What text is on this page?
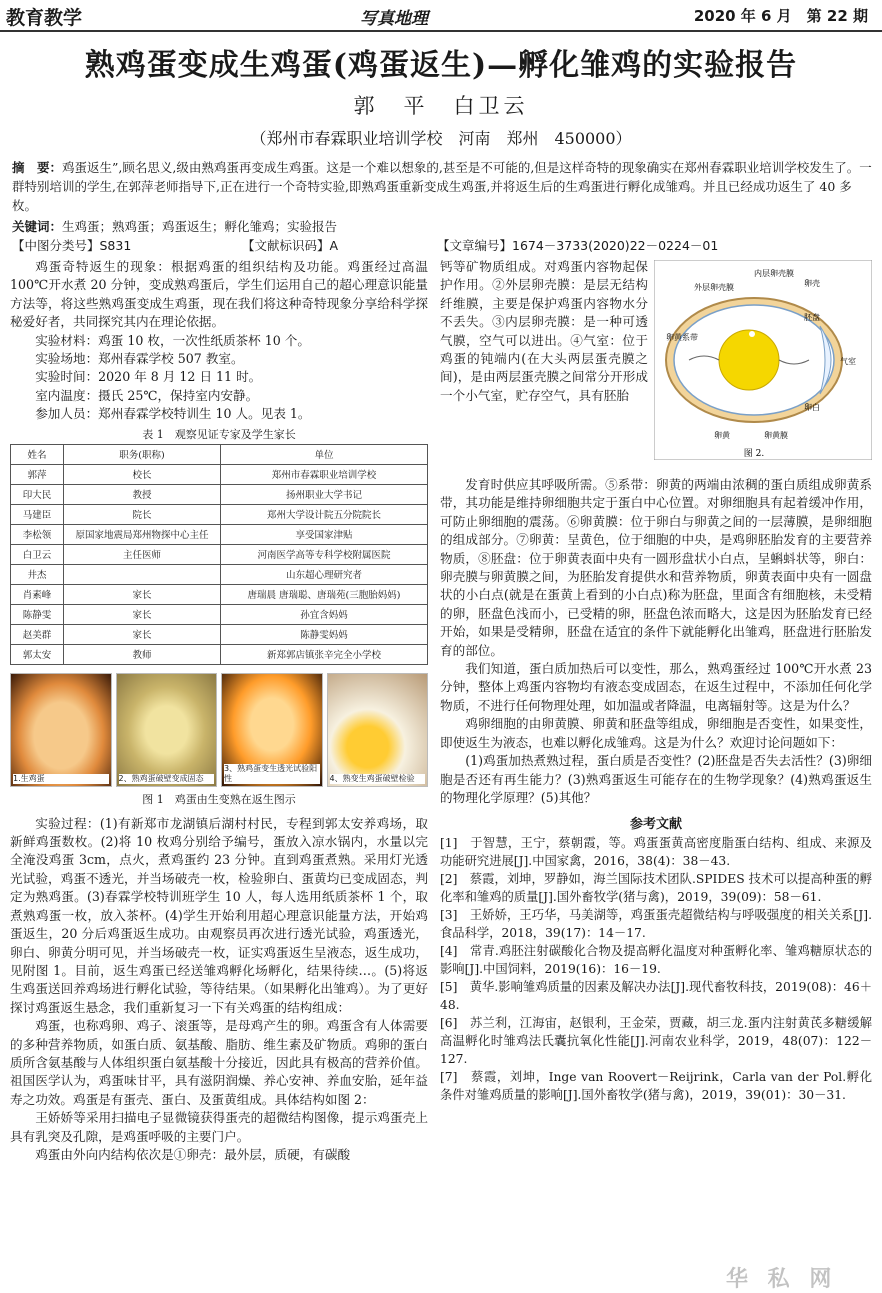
教育教学	写真地理	2020 年 6 月　第 22 期
熟鸡蛋变成生鸡蛋(鸡蛋返生)—孵化雏鸡的实验报告
郭　平　白卫云
（郑州市春霖职业培训学校　河南　郑州　450000）
摘　要：鸡蛋返生”,顾名思义,级由熟鸡蛋再变成生鸡蛋。这是一个难以想象的,甚至是不可能的,但是这样奇特的现象确实在郑州春霖职业培训学校发生了。一群特别培训的学生,在郭萍老师指导下,正在进行一个奇特实验,即熟鸡蛋重新变成生鸡蛋,并将返生后的生鸡蛋进行孵化成雏鸡。并且已经成功返生了 40 多枚。
关键词：生鸡蛋；熟鸡蛋；鸡蛋返生；孵化雏鸡；实验报告
【中图分类号】S831	【文献标识码】A	【文章编号】1674－3733(2020)22－0224－01

鸡蛋奇特返生的现象：根据鸡蛋的组织结构及功能。鸡蛋经过高温 100℃开水煮 20 分钟，变成熟鸡蛋后，学生们运用自己的超心理意识能量方法等，将这些熟鸡蛋变成生鸡蛋，现在我们将这种奇特现象分享给科学探秘爱好者，共同探究其内在理论依据。

实验材料：鸡蛋 10 枚，一次性纸质茶杯 10 个。

实验场地：郑州春霖学校 507 教室。

实验时间：2020 年 8 月 12 日 11 时。

室内温度：摄氏 25℃，保持室内安静。

参加人员：郑州春霖学校特训生 10 人。见表 1。

表 1　观察见证专家及学生家长
姓名	职务(职称)	单位
郭萍	校长	郑州市春霖职业培训学校
印大民	教授	扬州职业大学书记
马建臣	院长	郑州大学设计院五分院院长
李松领	原国家地震局郑州物探中心主任	享受国家津贴
白卫云	主任医师	河南医学高等专科学校附属医院
井杰		山东超心理研究者
肖素峰	家长	唐瑞晨 唐瑞聪、唐瑞苑(三胞胎妈妈)
陈静雯	家长	孙宜含妈妈
赵美群	家长	陈静雯妈妈
郭太安	教师	新郑郭店镇张辛完全小学校
1.生鸡蛋	2、熟鸡蛋破壁变成固态
3、熟鸡蛋变生透光试验阳性	4、熟变生鸡蛋破壁检验
图 1　鸡蛋由生变熟在返生图示

实验过程：(1)有新郑市龙湖镇后湖村村民，专程到郭太安养鸡场，取新鲜鸡蛋数枚。(2)将 10 枚鸡分别给予编号，蛋放入凉水锅内，水量以完全淹没鸡蛋 3cm，点火，煮鸡蛋约 23 分钟。直到鸡蛋煮熟。采用灯光透光试验，鸡蛋不透光，并当场破壳一枚，检验卵白、蛋黄均已变成固态，判定为熟鸡蛋。(3)春霖学校特训班学生 10 人，每人选用纸质茶杯 1 个，取煮熟鸡蛋一枚，放入茶杯。(4)学生开始利用超心理意识能量方法，开始鸡蛋返生，20 分后鸡蛋返生成功。由观察员再次进行透光试验，鸡蛋透光，卵白、卵黄分明可见，并当场破壳一枚，证实鸡蛋返生呈液态，返生成功，见附图 1。目前，返生鸡蛋已经送雏鸡孵化场孵化，结果待续…。(5)将返生鸡蛋送回养鸡场进行孵化试验，等待结果。（如果孵化出雏鸡）。为了更好探讨鸡蛋返生悬念，我们重新复习一下有关鸡蛋的结构组成：

鸡蛋，也称鸡卵、鸡子、滚蛋等，是母鸡产生的卵。鸡蛋含有人体需要的多种营养物质，如蛋白质、氨基酸、脂肪、维生素及矿物质。鸡卵的蛋白质所含氨基酸与人体组织蛋白氨基酸十分接近，因此具有极高的营养价值。祖国医学认为，鸡蛋味甘平，具有滋阴润燥、养心安神、养血安胎，延年益寿之功效。鸡蛋是有蛋壳、蛋白、及蛋黄组成。具体结构如图 2：

王娇娇等采用扫描电子显微镜获得蛋壳的超微结构图像，提示鸡蛋壳上具有乳突及孔隙，是鸡蛋呼吸的主要门户。

鸡蛋由外向内结构依次是①卵壳：最外层，质硬，有碳酸

钙等矿物质组成。对鸡蛋内容物起保护作用。②外层卵壳膜：是层无结构纤维膜，主要是保护鸡蛋内容物水分不丢失。③内层卵壳膜：是一种可透气膜，空气可以进出。④气室：位于鸡蛋的钝端内(在大头两层蛋壳膜之间)，是由两层蛋壳膜之间常分开形成一个小气室，贮存空气，具有胚胎

外层卵壳膜
内层卵壳膜
卵壳
卵黄系带
胚盘
气室
卵黄	卵黄膜
卵白
图 2.

发育时供应其呼吸所需。⑤系带：卵黄的两端由浓稠的蛋白质组成卵黄系带，其功能是维持卵细胞共定于蛋白中心位置。对卵细胞具有起着缓冲作用，可防止卵细胞的震荡。⑥卵黄膜：位于卵白与卵黄之间的一层薄膜，是卵细胞的组成部分。⑦卵黄：呈黄色，位于细胞的中央，是鸡卵胚胎发育的主要营养物质，⑧胚盘：位于卵黄表面中央有一圆形盘状小白点，呈蝌蚪状等，卵白：卵壳膜与卵黄膜之间，为胚胎发育提供水和营养物质，卵黄表面中央有一圆盘状的小白点(就是在蛋黄上看到的小白点)称为胚盘，里面含有细胞核，未受精的卵，胚盘色浅而小，已受精的卵，胚盘色浓而略大，这是因为胚胎发育已经开始，如果是受精卵，胚盘在适宜的条件下就能孵化出雏鸡，胚盘进行胚胎发育的部位。

我们知道，蛋白质加热后可以变性，那么，熟鸡蛋经过 100℃开水煮 23 分钟，整体上鸡蛋内容物均有液态变成固态，在返生过程中，不添加任何化学物质，不进行任何物理处理，如加温或者降温，电离辐射等。这是为什么？

鸡卵细胞的由卵黄膜、卵黄和胚盘等组成，卵细胞是否变性，如果变性，即使返生为液态，也难以孵化成雏鸡。这是为什么？欢迎讨论问题如下：

(1)鸡蛋加热煮熟过程，蛋白质是否变性？(2)胚盘是否失去活性？(3)卵细胞是否还有再生能力？(3)熟鸡蛋返生可能存在的生物学现象？(4)熟鸡蛋返生的物理化学原理？(5)其他？

参考文献

[1]　于智慧，王宁，蔡朝霞，等。鸡蛋蛋黄高密度脂蛋白结构、组成、来源及功能研究进展[J].中国家禽，2016，38(4)：38－43.

[2]　蔡霞，刘坤，罗静如，海兰国际技术团队.SPIDES 技术可以提高种蛋的孵化率和雏鸡的质量[J].国外畜牧学(猪与禽)，2019，39(09)：58－61.

[3]　王娇娇，王巧华，马美湖等，鸡蛋蛋壳超微结构与呼吸强度的相关关系[J].食品科学，2018，39(17)：14－17.

[4]　常青.鸡胚注射碳酸化合物及提高孵化温度对种蛋孵化率、雏鸡糖原状态的影响[J].中国饲料，2019(16)：16－19.

[5]　黄华.影响雏鸡质量的因素及解决办法[J].现代畜牧科技，2019(08)：46＋48.

[6]　苏兰利，江海宙，赵银利，王金荣，贾藏，胡三龙.蛋内注射黄芪多糖缓解高温孵化时雏鸡法氏囊抗氧化性能[J].河南农业科学，2019，48(07)：122－127.

[7]　蔡霞，刘坤，Inge van Roovert－Reijrink，Carla van der Pol.孵化条件对雏鸡质量的影响[J].国外畜牧学(猪与禽)，2019，39(01)：30－31.

华 私 网
